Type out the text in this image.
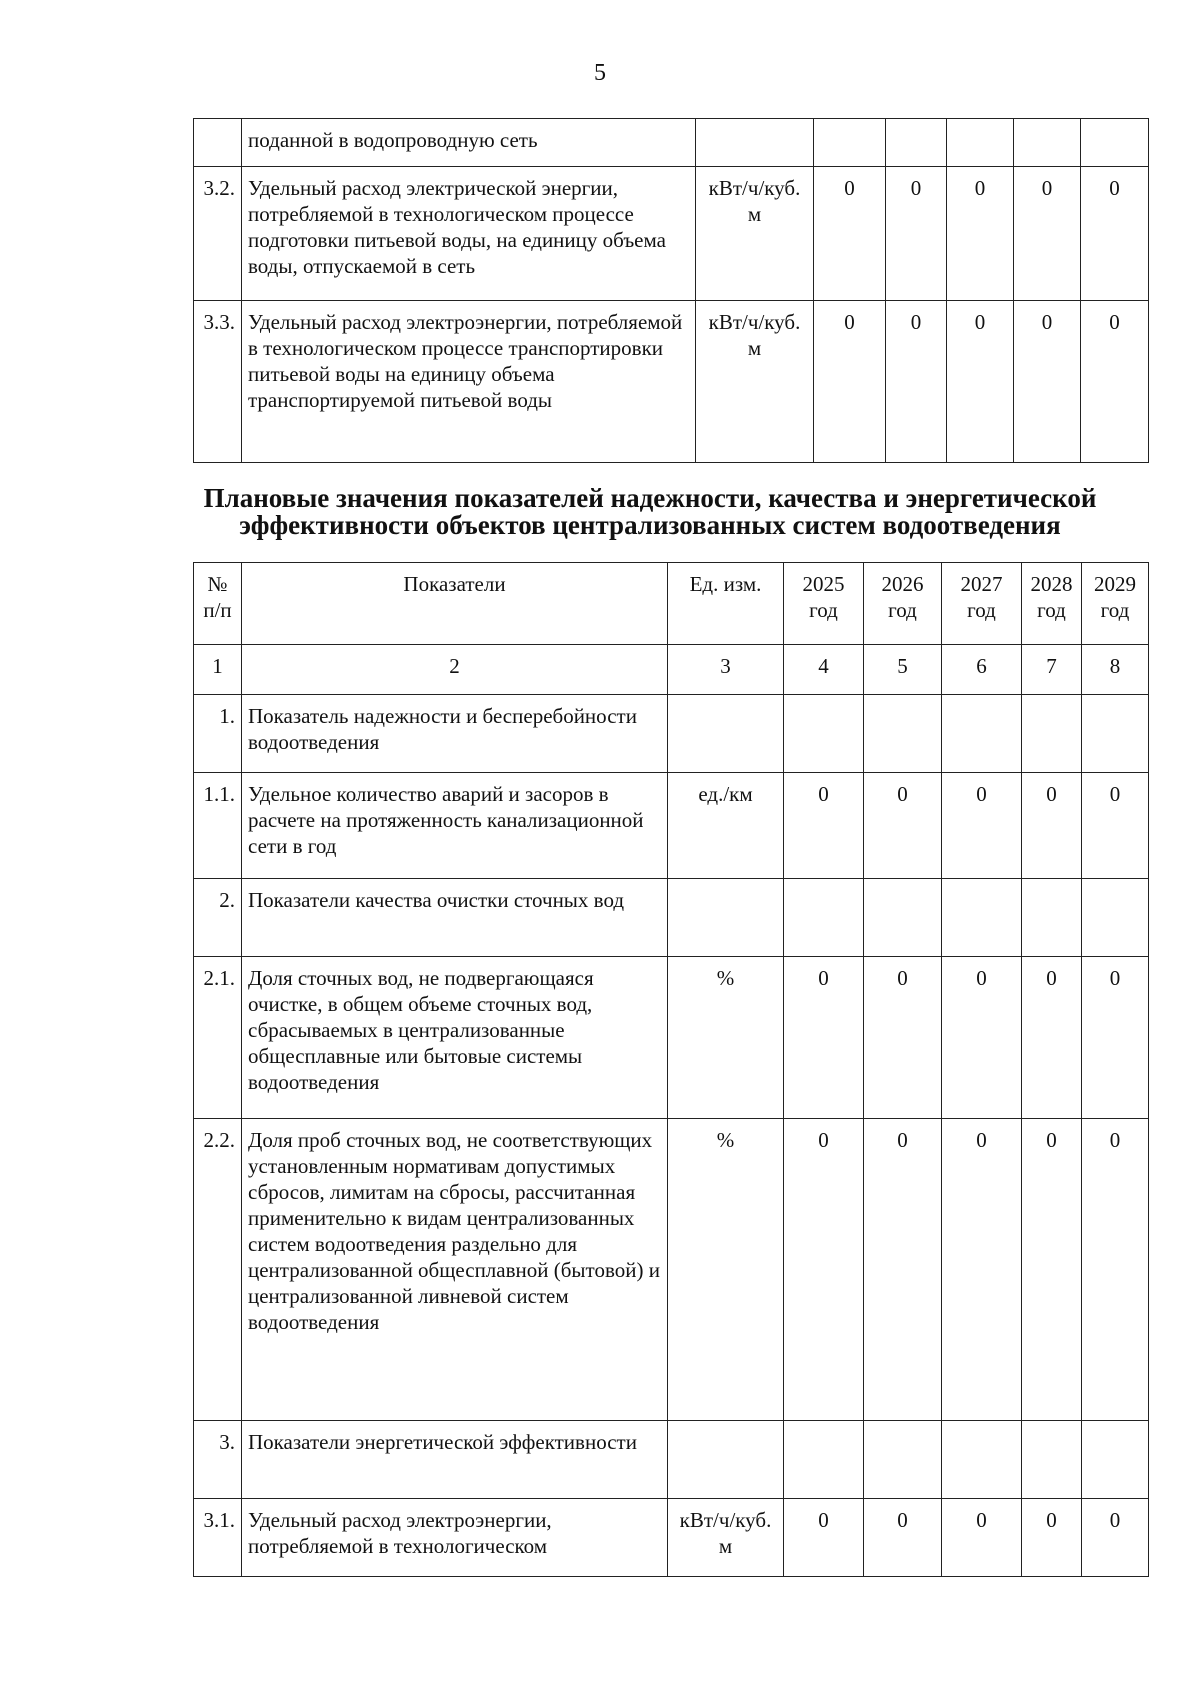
5
	поданной в водопроводную сеть						
3.2.	Удельный расход электрической энергии, потребляемой в технологическом процессе подготовки питьевой воды, на единицу объема воды, отпускаемой в сеть	кВт/ч/куб. м	0	0	0	0	0
3.3.	Удельный расход электроэнергии, потребляемой в технологическом процессе транспортировки питьевой воды на единицу объема транспортируемой питьевой воды	кВт/ч/куб. м	0	0	0	0	0
Плановые значения показателей надежности, качества и энергетической
эффективности объектов централизованных систем водоотведения
№ п/п	Показатели	Ед. изм.	2025 год	2026 год	2027 год	2028 год	2029 год
1	2	3	4	5	6	7	8
1.	Показатель надежности и бесперебойности водоотведения						
1.1.	Удельное количество аварий и засоров в расчете на протяженность канализационной сети в год	ед./км	0	0	0	0	0
2.	Показатели качества очистки сточных вод						
2.1.	Доля сточных вод, не подвергающаяся очистке, в общем объеме сточных вод, сбрасываемых в централизованные общесплавные или бытовые системы водоотведения	%	0	0	0	0	0
2.2.	Доля проб сточных вод, не соответствующих установленным нормативам допустимых сбросов, лимитам на сбросы, рассчитанная применительно к видам централизованных систем водоотведения раздельно для централизованной общесплавной (бытовой) и централизованной ливневой систем водоотведения	%	0	0	0	0	0
3.	Показатели энергетической эффективности						
3.1.	Удельный расход электроэнергии, потребляемой в технологическом	кВт/ч/куб. м	0	0	0	0	0
